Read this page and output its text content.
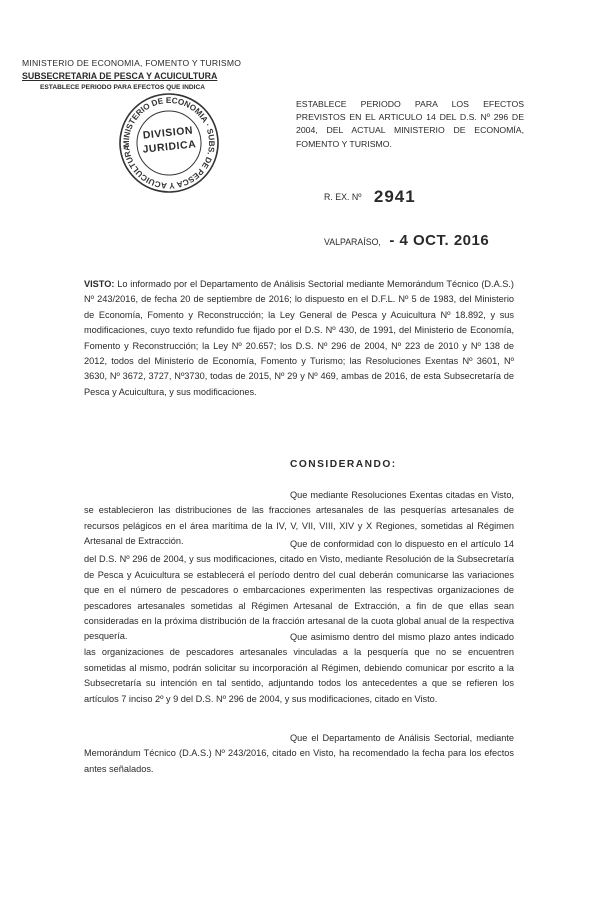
MINISTERIO DE ECONOMIA, FOMENTO Y TURISMO
SUBSECRETARIA DE PESCA Y ACUICULTURA
ESTABLECE PERIODO PARA EFECTOS QUE INDICA
MINISTERIO DE ECONOMIA · SUBS. DE PESCA Y ACUICULTURA
DIVISION
JURIDICA
ESTABLECE PERIODO PARA LOS EFECTOS PREVISTOS EN EL ARTICULO 14 DEL D.S. Nº 296 DE 2004, DEL ACTUAL MINISTERIO DE ECONOMÍA, FOMENTO Y TURISMO.
R. EX. Nº 2941
VALPARAÍSO, - 4 OCT. 2016
VISTO: Lo informado por el Departamento de Análisis Sectorial mediante Memorándum Técnico (D.A.S.) Nº 243/2016, de fecha 20 de septiembre de 2016; lo dispuesto en el D.F.L. Nº 5 de 1983, del Ministerio de Economía, Fomento y Reconstrucción; la Ley General de Pesca y Acuicultura Nº 18.892, y sus modificaciones, cuyo texto refundido fue fijado por el D.S. Nº 430, de 1991, del Ministerio de Economía, Fomento y Reconstrucción; la Ley Nº 20.657; los D.S. Nº 296 de 2004, Nº 223 de 2010 y Nº 138 de 2012, todos del Ministerio de Economía, Fomento y Turismo; las Resoluciones Exentas Nº 3601, Nº 3630, Nº 3672, 3727, Nº3730, todas de 2015, Nº 29 y Nº 469, ambas de 2016, de esta Subsecretaría de Pesca y Acuicultura, y sus modificaciones.
CONSIDERANDO:
Que mediante Resoluciones Exentas citadas en Visto, se establecieron las distribuciones de las fracciones artesanales de las pesquerías artesanales de recursos pelágicos en el área marítima de la IV, V, VII, VIII, XIV y X Regiones, sometidas al Régimen Artesanal de Extracción.	Que de conformidad con lo dispuesto en el artículo 14 del D.S. Nº 296 de 2004, y sus modificaciones, citado en Visto, mediante Resolución de la Subsecretaría de Pesca y Acuicultura se establecerá el período dentro del cual deberán comunicarse las variaciones que en el número de pescadores o embarcaciones experimenten las respectivas organizaciones de pescadores artesanales sometidas al Régimen Artesanal de Extracción, a fin de que ellas sean consideradas en la próxima distribución de la fracción artesanal de la cuota global anual de la respectiva pesquería.	Que asimismo dentro del mismo plazo antes indicado las organizaciones de pescadores artesanales vinculadas a la pesquería que no se encuentren sometidas al mismo, podrán solicitar su incorporación al Régimen, debiendo comunicar por escrito a la Subsecretaría su intención en tal sentido, adjuntando todos los antecedentes a que se refieren los artículos 7 inciso 2º y 9 del D.S. Nº 296 de 2004, y sus modificaciones, citado en Visto.
Que el Departamento de Análisis Sectorial, mediante Memorándum Técnico (D.A.S.) Nº 243/2016, citado en Visto, ha recomendado la fecha para los efectos antes señalados.
